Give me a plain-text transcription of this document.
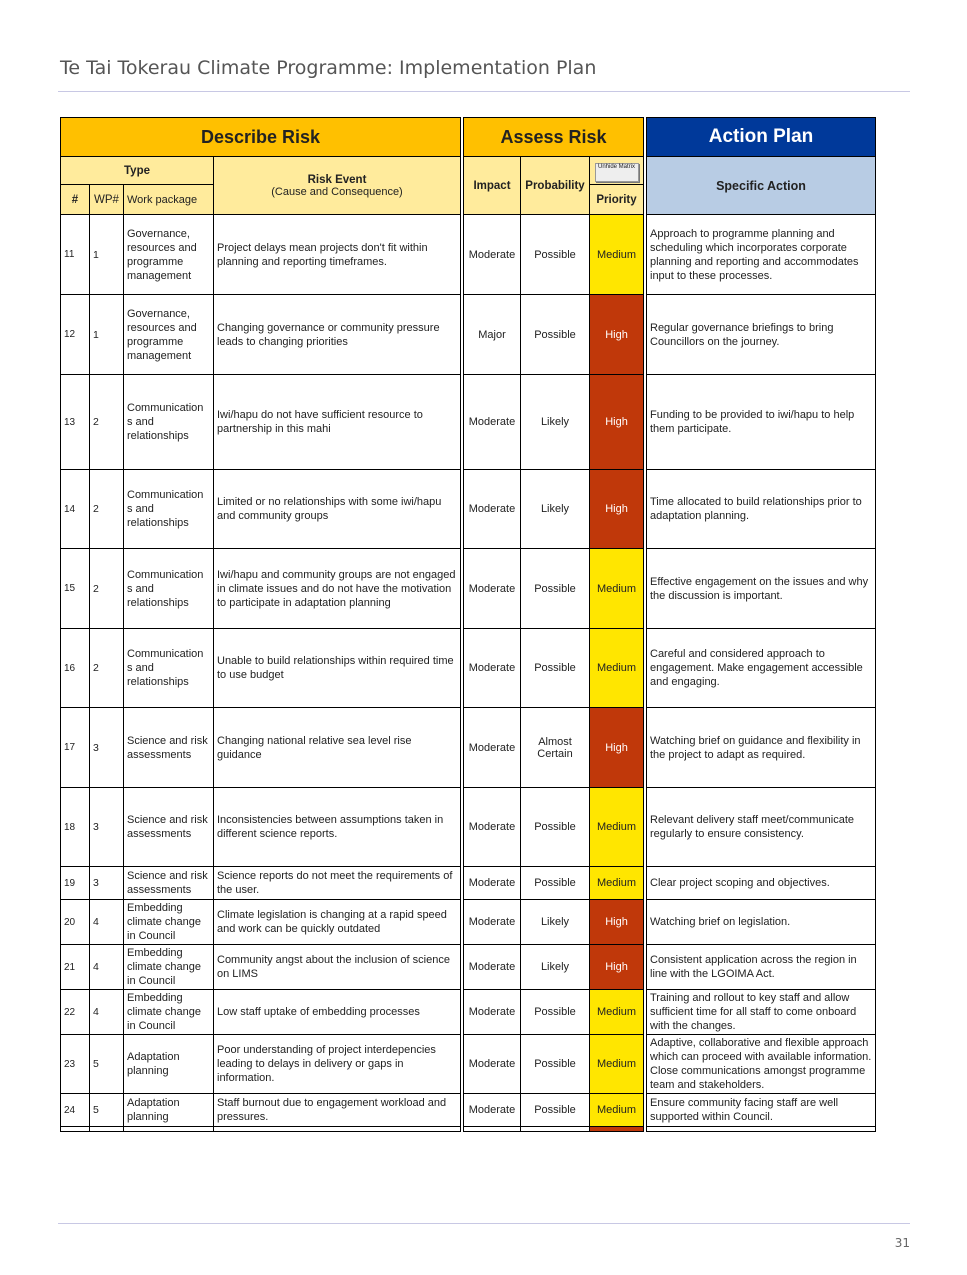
Te Tai Tokerau Climate Programme: Implementation Plan
Describe Risk					Assess Risk				Action Plan
Type			Risk Event
(Cause and Consequence)		Impact	Probability	Unhide Matrix		Specific Action
#	WP#	Work package					Priority		
11	1	Governance, resources and programme management	Project delays mean projects don't fit within planning and reporting timeframes.		Moderate	Possible	Medium		Approach to programme planning and scheduling which incorporates corporate planning and reporting and accommodates input to these processes.
12	1	Governance, resources and programme management	Changing governance or community pressure leads to changing priorities		Major	Possible	High		Regular governance briefings to bring Councillors on the journey.
13	2	Communication s and relationships	Iwi/hapu do not have sufficient resource to partnership in this mahi		Moderate	Likely	High		Funding to be provided to iwi/hapu to help them participate.
14	2	Communication s and relationships	Limited or no relationships with some iwi/hapu and community groups		Moderate	Likely	High		Time allocated to build relationships prior to adaptation planning.
15	2	Communication s and relationships	Iwi/hapu and community groups are not engaged in climate issues and do not have the motivation to participate in adaptation planning		Moderate	Possible	Medium		Effective engagement on the issues and why the discussion is important.
16	2	Communication s and relationships	Unable to build relationships within required time to use budget		Moderate	Possible	Medium		Careful and considered approach to engagement. Make engagement accessible and engaging.
17	3	Science and risk assessments	Changing national relative sea level rise guidance		Moderate	Almost Certain	High		Watching brief on guidance and flexibility in the project to adapt as required.
18	3	Science and risk assessments	Inconsistencies between assumptions taken in different science reports.		Moderate	Possible	Medium		Relevant delivery staff meet/communicate regularly to ensure consistency.
19	3	Science and risk assessments	Science reports do not meet the requirements of the user.		Moderate	Possible	Medium		Clear project scoping and objectives.
20	4	Embedding climate change in Council	Climate legislation is changing at a rapid speed and work can be quickly outdated		Moderate	Likely	High		Watching brief on legislation.
21	4	Embedding climate change in Council	Community angst about the inclusion of science on LIMS		Moderate	Likely	High		Consistent application across the region in line with the LGOIMA Act.
22	4	Embedding climate change in Council	Low staff uptake of embedding processes		Moderate	Possible	Medium		Training and rollout to key staff and allow sufficient time for all staff to come onboard with the changes.
23	5	Adaptation planning	Poor understanding of project interdepencies leading to delays in delivery or gaps in information.		Moderate	Possible	Medium		Adaptive, collaborative and flexible approach which can proceed with available information. Close communications amongst programme team and stakeholders.
24	5	Adaptation planning	Staff burnout due to engagement workload and pressures.		Moderate	Possible	Medium		Ensure community facing staff are well supported within Council.

31
